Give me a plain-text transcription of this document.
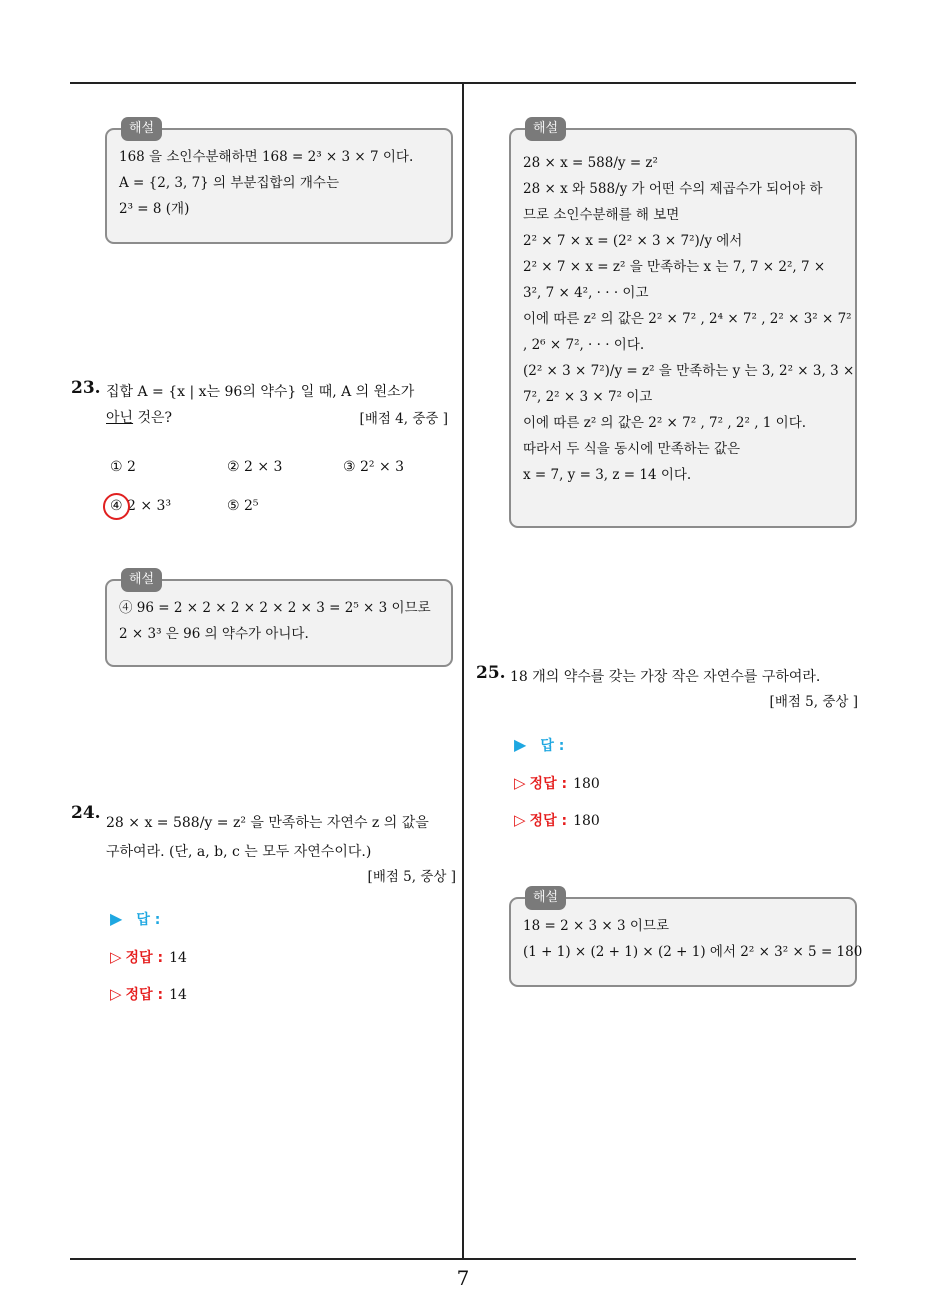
해설
168 을 소인수분해하면 168 = 2³ × 3 × 7 이다.
A = {2, 3, 7} 의 부분집합의 개수는
2³ = 8 (개)
23. 집합 A = {x | x는 96의 약수} 일 때, A 의 원소가
아닌 것은?	[배점 4, 중중 ]
① 2	② 2 × 3	③ 2² × 3
④ 2 × 3³	⑤ 2⁵
해설
④ 96 = 2 × 2 × 2 × 2 × 2 × 3 = 2⁵ × 3 이므로
2 × 3³ 은 96 의 약수가 아니다.
24. 28 × x = 588/y = z² 을 만족하는 자연수 z 의 값을
구하여라. (단, a, b, c 는 모두 자연수이다.)
[배점 5, 중상 ]
▶ 답 :
▷ 정답 : 14
▷ 정답 : 14
해설
28 × x = 588/y = z²
28 × x 와 588/y 가 어떤 수의 제곱수가 되어야 하
므로 소인수분해를 해 보면
2² × 7 × x = (2² × 3 × 7²)/y 에서
2² × 7 × x = z² 을 만족하는 x 는 7, 7 × 2², 7 ×
3², 7 × 4², · · · 이고
이에 따른 z² 의 값은 2² × 7² , 2⁴ × 7² , 2² × 3² × 7²
, 2⁶ × 7², · · · 이다.
(2² × 3 × 7²)/y = z² 을 만족하는 y 는 3, 2² × 3, 3 ×
7², 2² × 3 × 7² 이고
이에 따른 z² 의 값은 2² × 7² , 7² , 2² , 1 이다.
따라서 두 식을 동시에 만족하는 값은
x = 7, y = 3, z = 14 이다.
25. 18 개의 약수를 갖는 가장 작은 자연수를 구하여라.
[배점 5, 중상 ]
▶ 답 :
▷ 정답 : 180
▷ 정답 : 180
해설
18 = 2 × 3 × 3 이므로
(1 + 1) × (2 + 1) × (2 + 1) 에서 2² × 3² × 5 = 180
7
